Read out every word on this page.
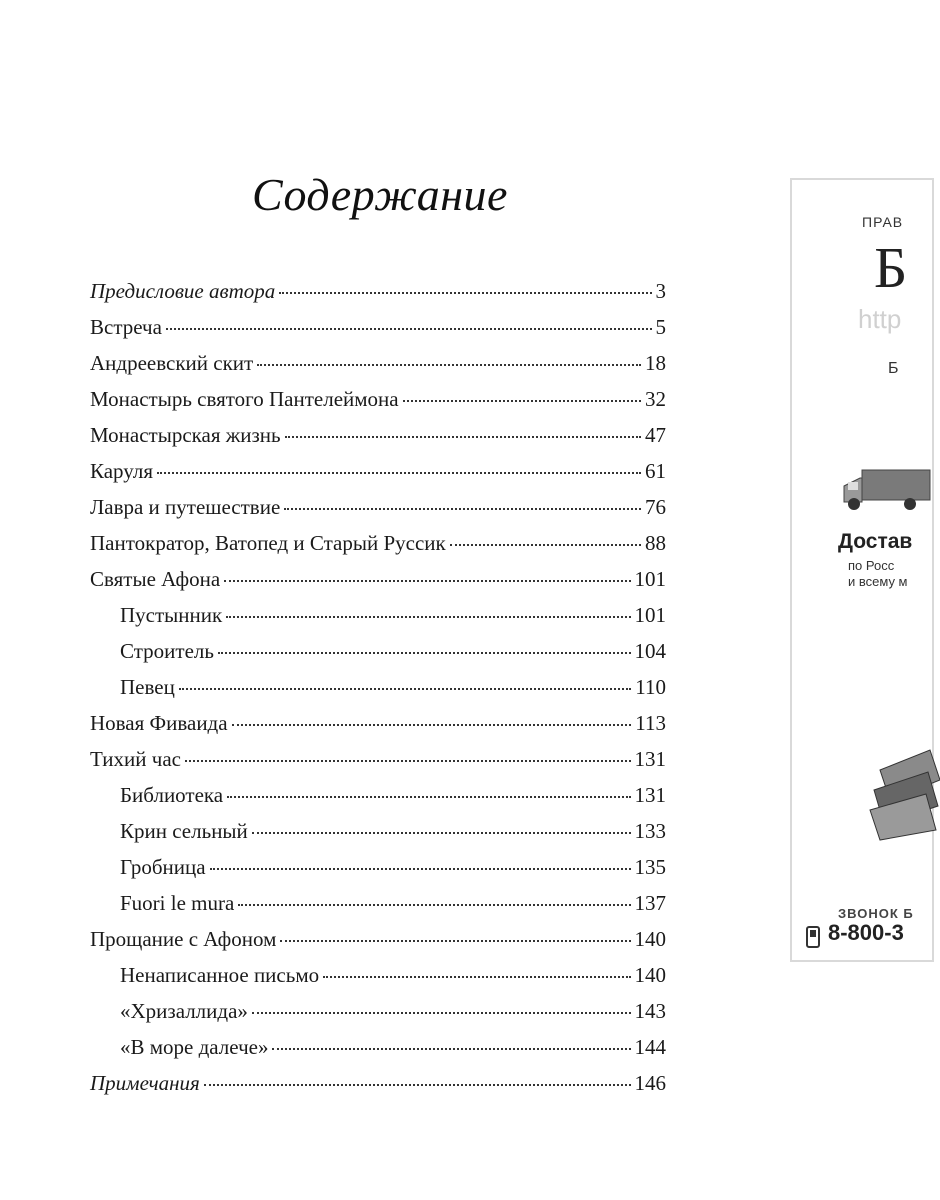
Содержание
Предисловие автора	3
Встреча	5
Андреевский скит	18
Монастырь святого Пантелеймона	32
Монастырская жизнь	47
Каруля	61
Лавра и путешествие	76
Пантократор, Ватопед и Старый Руссик	88
Святые Афона	101
Пустынник	101
Строитель	104
Певец	110
Новая Фиваида	113
Тихий час	131
Библиотека	131
Крин сельный	133
Гробница	135
Fuori le mura	137
Прощание с Афоном	140
Ненаписанное письмо	140
«Хризаллида»	143
«В море далече»	144
Примечания	146
ПРАВ
Б
http
Б
Достав
по Росс
и всему м
ЗВОНОК Б
8-800-3
